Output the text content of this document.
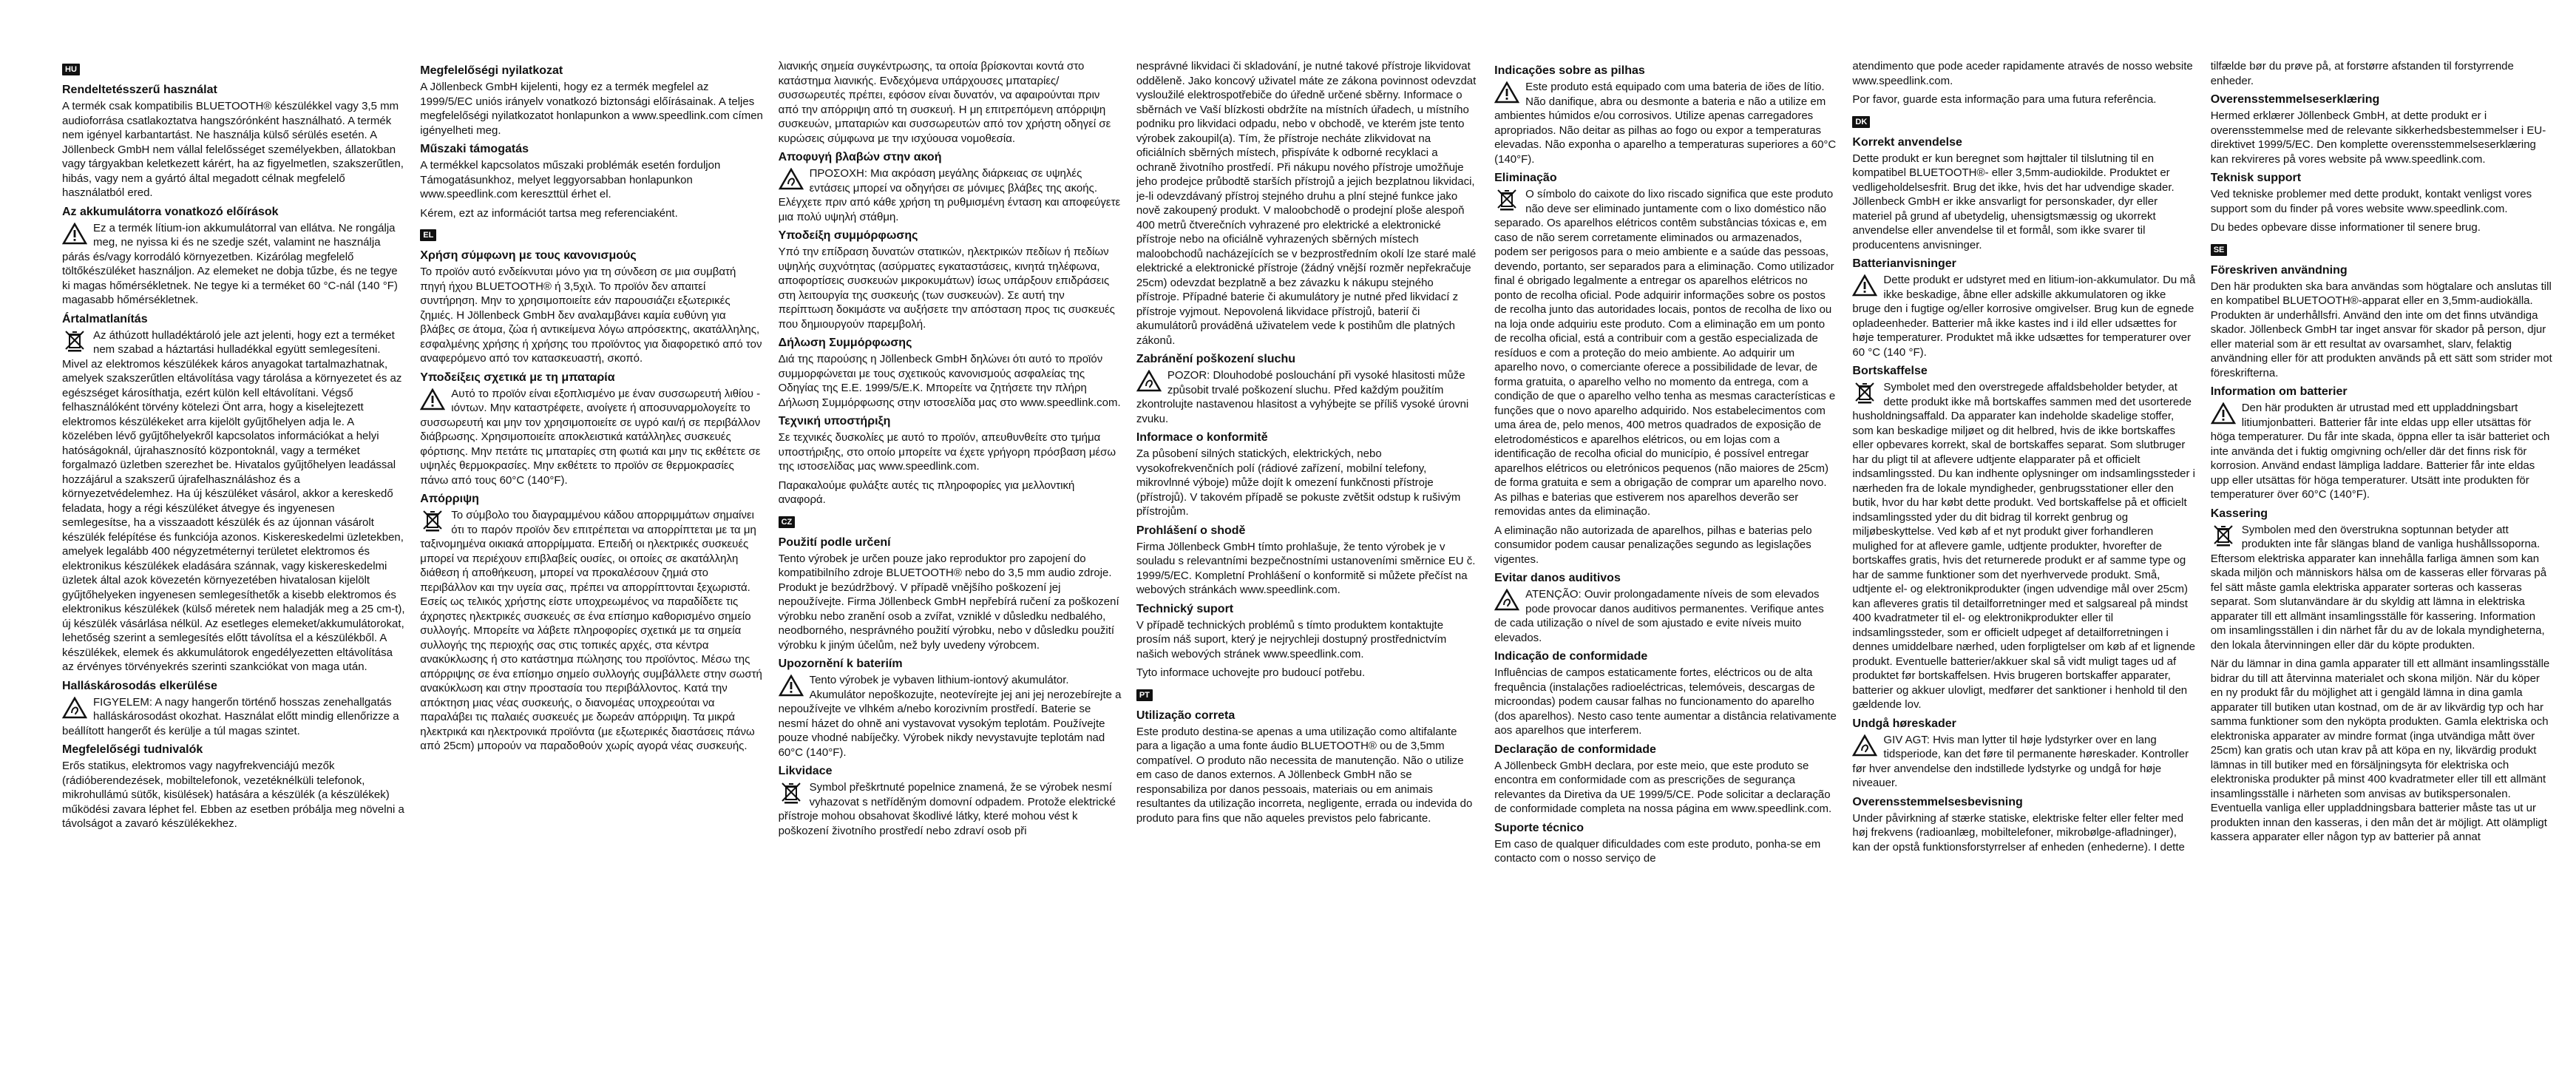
HU
Rendeltetésszerű használat

A termék csak kompatibilis BLUETOOTH® készülékkel vagy 3,5 mm audioforrása csatlakoztatva hangszórónként használható. A termék nem igényel karbantartást. Ne használja külső sérülés esetén. A Jöllenbeck GmbH nem vállal felelősséget személyekben, állatokban vagy tárgyakban keletkezett kárért, ha az figyelmetlen, szakszerűtlen, hibás, vagy nem a gyártó által megadott célnak megfelelő használatból ered.

Az akkumulátorra vonatkozó előírások
Ez a termék lítium-ion akkumulátorral van ellátva. Ne rongálja meg, ne nyissa ki és ne szedje szét, valamint ne használja párás és/vagy korrodáló környezetben. Kizárólag megfelelő töltőkészüléket használjon. Az elemeket ne dobja tűzbe, és ne tegye ki magas hőmérsékletnek. Ne tegye ki a terméket 60 °C-nál (140 °F) magasabb hőmérsékletnek.
Ártalmatlanítás
Az áthúzott hulladéktároló jele azt jelenti, hogy ezt a terméket nem szabad a háztartási hulladékkal együtt semlegesíteni. Mivel az elektromos készülékek káros anyagokat tartalmazhatnak, amelyek szakszerűtlen eltávolítása vagy tárolása a környezetet és az egészséget károsíthatja, ezért külön kell eltávolítani. Végső felhasználóként törvény kötelezi Önt arra, hogy a kiselejtezett elektromos készülékeket arra kijelölt gyűjtőhelyen adja le. A közelében lévő gyűjtőhelyekről kapcsolatos információkat a helyi hatóságoknál, újrahasznosító központoknál, vagy a terméket forgalmazó üzletben szerezhet be. Hivatalos gyűjtőhelyen leadással hozzájárul a szakszerű újrafelhasználáshoz és a környezetvédelemhez. Ha új készüléket vásárol, akkor a kereskedő feladata, hogy a régi készüléket átvegye és ingyenesen semlegesítse, ha a visszaadott készülék és az újonnan vásárolt készülék felépítése és funkciója azonos. Kiskereskedelmi üzletekben, amelyek legalább 400 négyzetméternyi területet elektromos és elektronikus készülékek eladására szánnak, vagy kiskereskedelmi üzletek által azok kövezetén környezetében hivatalosan kijelölt gyűjtőhelyeken ingyenesen semlegesíthetők a kisebb elektromos és elektronikus készülékek (külső méretek nem haladják meg a 25 cm-t), új készülék vásárlása nélkül. Az esetleges elemeket/akkumulátorokat, lehetőség szerint a semlegesítés előtt távolítsa el a készülékből. A készülékek, elemek és akkumulátorok engedélyezetten eltávolítása az érvényes törvényekrés szerinti szankciókat von maga után.
Halláskárosodás elkerülése
FIGYELEM: A nagy hangerőn történő hosszas zenehallgatás halláskárosodást okozhat. Használat előtt mindig ellenőrizze a beállított hangerőt és kerülje a túl magas szintet.
Megfelelőségi tudnivalók

Erős statikus, elektromos vagy nagyfrekvenciájú mezők (rádióberendezések, mobiltelefonok, vezetéknélküli telefonok, mikrohullámú sütők, kisülések) hatására a készülék (a készülékek) működési zavara léphet fel. Ebben az esetben próbálja meg növelni a távolságot a zavaró készülékekhez.

Megfelelőségi nyilatkozat

A Jöllenbeck GmbH kijelenti, hogy ez a termék megfelel az 1999/5/EC uniós irányelv vonatkozó biztonsági előírásainak. A teljes megfelelőségi nyilatkozatot honlapunkon a www.speedlink.com címen igényelheti meg.

Műszaki támogatás

A termékkel kapcsolatos műszaki problémák esetén forduljon Támogatásunkhoz, melyet leggyorsabban honlapunkon www.speedlink.com kereszttül érhet el.

Kérem, ezt az információt tartsa meg referenciaként.

EL
Χρήση σύμφωνη με τους κανονισμούς

Το προϊόν αυτό ενδείκνυται μόνο για τη σύνδεση σε μια συμβατή πηγή ήχου BLUETOOTH® ή 3,5χιλ. Το προϊόν δεν απαιτεί συντήρηση. Μην το χρησιμοποιείτε εάν παρουσιάζει εξωτερικές ζημιές. Η Jöllenbeck GmbH δεν αναλαμβάνει καμία ευθύνη για βλάβες σε άτομα, ζώα ή αντικείμενα λόγω απρόσεκτης, ακατάλληλης, εσφαλμένης χρήσης ή χρήσης του προϊόντος για διαφορετικό από τον αναφερόμενο από τον κατασκευαστή, σκοπό.

Υποδείξεις σχετικά με τη μπαταρία
Αυτό το προϊόν είναι εξοπλισμένο με έναν συσσωρευτή λιθίου - ιόντων. Μην καταστρέφετε, ανοίγετε ή αποσυναρμολογείτε το συσσωρευτή και μην τον χρησιμοποιείτε σε υγρό και/ή σε περιβάλλον διάβρωσης. Χρησιμοποιείτε αποκλειστικά κατάλληλες συσκευές φόρτισης. Μην πετάτε τις μπαταρίες στη φωτιά και μην τις εκθέτετε σε υψηλές θερμοκρασίες. Μην εκθέτετε το προϊόν σε θερμοκρασίες πάνω από τους 60°C (140°F).
Απόρριψη
Το σύμβολο του διαγραμμένου κάδου απορριμμάτων σημαίνει ότι το παρόν προϊόν δεν επιτρέπεται να απορρίπτεται με τα μη ταξινομημένα οικιακά απορρίμματα. Επειδή οι ηλεκτρικές συσκευές μπορεί να περιέχουν επιβλαβείς ουσίες, οι οποίες σε ακατάλληλη διάθεση ή αποθήκευση, μπορεί να προκαλέσουν ζημιά στο περιβάλλον και την υγεία σας, πρέπει να απορρίπτονται ξεχωριστά. Εσείς ως τελικός χρήστης είστε υποχρεωμένος να παραδίδετε τις άχρηστες ηλεκτρικές συσκευές σε ένα επίσημο καθορισμένο σημείο συλλογής. Μπορείτε να λάβετε πληροφορίες σχετικά με τα σημεία συλλογής της περιοχής σας στις τοπικές αρχές, στα κέντρα ανακύκλωσης ή στο κατάστημα πώλησης του προϊόντος. Μέσω της απόρριψης σε ένα επίσημο σημείο συλλογής συμβάλλετε στην σωστή ανακύκλωση και στην προστασία του περιβάλλοντος. Κατά την απόκτηση μιας νέας συσκευής, ο διανομέας υποχρεούται να παραλάβει τις παλαιές συσκευές με δωρεάν απόρριψη. Τα μικρά ηλεκτρικά και ηλεκτρονικά προϊόντα (με εξωτερικές διαστάσεις πάνω από 25cm) μπορούν να παραδοθούν χωρίς αγορά νέας συσκευής.

λιανικής σημεία συγκέντρωσης, τα οποία βρίσκονται κοντά στο κατάστημα λιανικής. Ενδεχόμενα υπάρχουσες μπαταρίες/συσσωρευτές πρέπει, εφόσον είναι δυνατόν, να αφαιρούνται πριν από την απόρριψη από τη συσκευή. Η μη επιτρεπόμενη απόρριψη συσκευών, μπαταριών και συσσωρευτών από τον χρήστη οδηγεί σε κυρώσεις σύμφωνα με την ισχύουσα νομοθεσία.

Αποφυγή βλαβών στην ακοή
ΠΡΟΣΟΧΗ: Μια ακρόαση μεγάλης διάρκειας σε υψηλές εντάσεις μπορεί να οδηγήσει σε μόνιμες βλάβες της ακοής. Ελέγχετε πριν από κάθε χρήση τη ρυθμισμένη ένταση και αποφεύγετε μια πολύ υψηλή στάθμη.
Υποδείξη συμμόρφωσης

Υπό την επίδραση δυνατών στατικών, ηλεκτρικών πεδίων ή πεδίων υψηλής συχνότητας (ασύρματες εγκαταστάσεις, κινητά τηλέφωνα, αποφορτίσεις συσκευών μικροκυμάτων) ίσως υπάρξουν επιδράσεις στη λειτουργία της συσκευής (των συσκευών). Σε αυτή την περίπτωση δοκιμάστε να αυξήσετε την απόσταση προς τις συσκευές που δημιουργούν παρεμβολή.

Δήλωση Συμμόρφωσης

Διά της παρούσης η Jöllenbeck GmbH δηλώνει ότι αυτό το προϊόν συμμορφώνεται με τους σχετικούς κανονισμούς ασφαλείας της Οδηγίας της Ε.Ε. 1999/5/Ε.Κ. Μπορείτε να ζητήσετε την πλήρη Δήλωση Συμμόρφωσης στην ιστοσελίδα μας στο www.speedlink.com.

Τεχνική υποστήριξη

Σε τεχνικές δυσκολίες με αυτό το προϊόν, απευθυνθείτε στο τμήμα υποστήριξης, στο οποίο μπορείτε να έχετε γρήγορη πρόσβαση μέσω της ιστοσελίδας μας www.speedlink.com.

Παρακαλούμε φυλάξτε αυτές τις πληροφορίες για μελλοντική αναφορά.

CZ
Použití podle určení

Tento výrobek je určen pouze jako reproduktor pro zapojení do kompatibilního zdroje BLUETOOTH® nebo do 3,5 mm audio zdroje. Produkt je bezúdržbový. V případě vnějšího poškození jej nepoužívejte. Firma Jöllenbeck GmbH nepřebírá ručení za poškození výrobku nebo zranění osob a zvířat, vzniklé v důsledku nedbalého, neodborného, nesprávného použití výrobku, nebo v důsledku použití výrobku k jiným účelům, než byly uvedeny výrobcem.

Upozornění k bateriím
Tento výrobek je vybaven lithium-iontový akumulátor. Akumulátor nepoškozujte, neotevírejte jej ani jej nerozebírejte a nepoužívejte ve vlhkém a/nebo korozivním prostředí. Baterie se nesmí házet do ohně ani vystavovat vysokým teplotám. Používejte pouze vhodné nabíječky. Výrobek nikdy nevystavujte teplotám nad 60°C (140°F).
Likvidace
Symbol přeškrtnuté popelnice znamená, že se výrobek nesmí vyhazovat s netříděným domovní odpadem. Protože elektrické přístroje mohou obsahovat škodlivé látky, které mohou vést k poškození životního prostředí nebo zdraví osob při

nesprávné likvidaci či skladování, je nutné takové přístroje likvidovat odděleně. Jako koncový uživatel máte ze zákona povinnost odevzdat vysloužilé elektrospotřebiče do úředně určené sběrny. Informace o sběrnách ve Vaší blízkosti obdržíte na místních úřadech, u místního podniku pro likvidaci odpadu, nebo v obchodě, ve kterém jste tento výrobek zakoupil(a). Tím, že přístroje necháte zlikvidovat na oficiálních sběrných místech, přispíváte k odborné recyklaci a ochraně životního prostředí. Při nákupu nového přístroje umožňuje jeho prodejce průbodtě starších přístrojů a jejich bezplatnou likvidaci, je-li odevzdávaný přístroj stejného druhu a plní stejné funkce jako nově zakoupený produkt. V maloobchodě o prodejní ploše alespoň 400 metrů čtverečních vyhrazené pro elektrické a elektronické přístroje nebo na oficiálně vyhrazených sběrných místech maloobchodů nacházejících se v bezprostředním okolí lze staré malé elektrické a elektronické přístroje (žádný vnější rozměr nepřekračuje 25cm) odevzdat bezplatně a bez závazku k nákupu stejného přístroje. Případné baterie či akumulátory je nutné před likvidací z přístroje vyjmout. Nepovolená likvidace přístrojů, baterií či akumulátorů prováděná uživatelem vede k postihům dle platných zákonů.

Zabránění poškození sluchu
POZOR: Dlouhodobé poslouchání při vysoké hlasitosti může způsobit trvalé poškození sluchu. Před každým použitím zkontrolujte nastavenou hlasitost a vyhýbejte se příliš vysoké úrovni zvuku.
Informace o konformitě

Za působení silných statických, elektrických, nebo vysokofrekvenčních polí (rádiové zařízení, mobilní telefony, mikrovlnné výboje) může dojít k omezení funkčnosti přístroje (přístrojů). V takovém případě se pokuste zvětšit odstup k rušivým přístrojům.

Prohlášení o shodě

Firma Jöllenbeck GmbH tímto prohlašuje, že tento výrobek je v souladu s relevantními bezpečnostními ustanoveními směrnice EU č. 1999/5/EC. Kompletní Prohlášení o konformitě si můžete přečíst na webových stránkách www.speedlink.com.

Technický suport

V případě technických problémů s tímto produktem kontaktujte prosím náš suport, který je nejrychleji dostupný prostřednictvím našich webových stránek www.speedlink.com.

Tyto informace uchovejte pro budoucí potřebu.

PT
Utilização correta

Este produto destina-se apenas a uma utilização como altifalante para a ligação a uma fonte áudio BLUETOOTH® ou de 3,5mm compatível. O produto não necessita de manutenção. Não o utilize em caso de danos externos. A Jöllenbeck GmbH não se responsabiliza por danos pessoais, materiais ou em animais resultantes da utilização incorreta, negligente, errada ou indevida do produto para fins que não aqueles previstos pelo fabricante.

Indicações sobre as pilhas
Este produto está equipado com uma bateria de iões de lítio. Não danifique, abra ou desmonte a bateria e não a utilize em ambientes húmidos e/ou corrosivos. Utilize apenas carregadores apropriados. Não deitar as pilhas ao fogo ou expor a temperaturas elevadas. Não exponha o aparelho a temperaturas superiores a 60°C (140°F).
Eliminação
O símbolo do caixote do lixo riscado significa que este produto não deve ser eliminado juntamente com o lixo doméstico não separado. Os aparelhos elétricos contêm substâncias tóxicas e, em caso de não serem corretamente eliminados ou armazenados, podem ser perigosos para o meio ambiente e a saúde das pessoas, devendo, portanto, ser separados para a eliminação. Como utilizador final é obrigado legalmente a entregar os aparelhos elétricos no ponto de recolha oficial. Pode adquirir informações sobre os postos de recolha junto das autoridades locais, pontos de recolha de lixo ou na loja onde adquiriu este produto. Com a eliminação em um ponto de recolha oficial, está a contribuir com a gestão especializada de resíduos e com a proteção do meio ambiente. Ao adquirir um aparelho novo, o comerciante oferece a possibilidade de levar, de forma gratuita, o aparelho velho no momento da entrega, com a condição de que o aparelho velho tenha as mesmas características e funções que o novo aparelho adquirido. Nos estabelecimentos com uma área de, pelo menos, 400 metros quadrados de exposição de eletrodomésticos e aparelhos elétricos, ou em lojas com a identificação de recolha oficial do município, é possível entregar aparelhos elétricos ou eletrónicos pequenos (não maiores de 25cm) de forma gratuita e sem a obrigação de comprar um aparelho novo. As pilhas e baterias que estiverem nos aparelhos deverão ser removidas antes da eliminação.

A eliminação não autorizada de aparelhos, pilhas e baterias pelo consumidor podem causar penalizações segundo as legislações vigentes.

Evitar danos auditivos
ATENÇÃO: Ouvir prolongadamente níveis de som elevados pode provocar danos auditivos permanentes. Verifique antes de cada utilização o nível de som ajustado e evite níveis muito elevados.
Indicação de conformidade

Influências de campos estaticamente fortes, eléctricos ou de alta frequência (instalações radioeléctricas, telemóveis, descargas de microondas) podem causar falhas no funcionamento do aparelho (dos aparelhos). Nesto caso tente aumentar a distância relativamente aos aparelhos que interferem.

Declaração de conformidade

A Jöllenbeck GmbH declara, por este meio, que este produto se encontra em conformidade com as prescrições de segurança relevantes da Diretiva da UE 1999/5/CE. Pode solicitar a declaração de conformidade completa na nossa página em www.speedlink.com.

Suporte técnico

Em caso de qualquer dificuldades com este produto, ponha-se em contacto com o nosso serviço de

atendimento que pode aceder rapidamente através de nosso website www.speedlink.com.

Por favor, guarde esta informação para uma futura referência.

DK
Korrekt anvendelse

Dette produkt er kun beregnet som højttaler til tilslutning til en kompatibel BLUETOOTH®- eller 3,5mm-audiokilde. Produktet er vedligeholdelsesfrit. Brug det ikke, hvis det har udvendige skader. Jöllenbeck GmbH er ikke ansvarligt for personskader, dyr eller materiel på grund af ubetydelig, uhensigtsmæssig og ukorrekt anvendelse eller anvendelse til et formål, som ikke svarer til producentens anvisninger.

Batterianvisninger
Dette produkt er udstyret med en litium-ion-akkumulator. Du må ikke beskadige, åbne eller adskille akkumulatoren og ikke bruge den i fugtige og/eller korrosive omgivelser. Brug kun de egnede opladeenheder. Batterier må ikke kastes ind i ild eller udsættes for høje temperaturer. Produktet må ikke udsættes for temperaturer over 60 °C (140 °F).
Bortskaffelse
Symbolet med den overstregede affaldsbeholder betyder, at dette produkt ikke må bortskaffes sammen med det usorterede husholdningsaffald. Da apparater kan indeholde skadelige stoffer, som kan beskadige miljøet og dit helbred, hvis de ikke bortskaffes eller opbevares korrekt, skal de bortskaffes separat. Som slutbruger har du pligt til at aflevere udtjente elapparater på et officielt indsamlingssted. Du kan indhente oplysninger om indsamlingssteder i nærheden fra de lokale myndigheder, genbrugsstationer eller den butik, hvor du har købt dette produkt. Ved bortskaffelse på et officielt indsamlingssted yder du dit bidrag til korrekt genbrug og miljøbeskyttelse. Ved køb af et nyt produkt giver forhandleren mulighed for at aflevere gamle, udtjente produkter, hvorefter de bortskaffes gratis, hvis det returnerede produkt er af samme type og har de samme funktioner som det nyerhvervede produkt. Små, udtjente el- og elektronikprodukter (ingen udvendige mål over 25cm) kan afleveres gratis til detailforretninger med et salgsareal på mindst 400 kvadratmeter til el- og elektronikprodukter eller til indsamlingssteder, som er officielt udpeget af detailforretningen i dennes umiddelbare nærhed, uden forpligtelser om køb af et lignende produkt. Eventuelle batterier/akkuer skal så vidt muligt tages ud af produktet før bortskaffelsen. Hvis brugeren bortskaffer apparater, batterier og akkuer ulovligt, medfører det sanktioner i henhold til den gældende lov.
Undgå høreskader
GIV AGT: Hvis man lytter til høje lydstyrker over en lang tidsperiode, kan det føre til permanente høreskader. Kontroller før hver anvendelse den indstillede lydstyrke og undgå for høje niveauer.
Overensstemmelsesbevisning

Under påvirkning af stærke statiske, elektriske felter eller felter med høj frekvens (radioanlæg, mobiltelefoner, mikrobølge-afladninger), kan der opstå funktionsforstyrrelser af enheden (enhederne). I dette

tilfælde bør du prøve på, at forstørre afstanden til forstyrrende enheder.

Overensstemmelseserklæring

Hermed erklærer Jöllenbeck GmbH, at dette produkt er i overensstemmelse med de relevante sikkerhedsbestemmelser i EU-direktivet 1999/5/EC. Den komplette overensstemmelseserklæring kan rekvireres på vores website på www.speedlink.com.

Teknisk support

Ved tekniske problemer med dette produkt, kontakt venligst vores support som du finder på vores website www.speedlink.com.

Du bedes opbevare disse informationer til senere brug.

SE
Föreskriven användning

Den här produkten ska bara användas som högtalare och anslutas till en kompatibel BLUETOOTH®-apparat eller en 3,5mm-audiokälla. Produkten är underhållsfri. Använd den inte om det finns utvändiga skador. Jöllenbeck GmbH tar inget ansvar för skador på person, djur eller material som är ett resultat av ovarsamhet, slarv, felaktig användning eller för att produkten används på ett sätt som strider mot föreskrifterna.

Information om batterier
Den här produkten är utrustad med ett uppladdningsbart litiumjonbatteri. Batterier får inte eldas upp eller utsättas för höga temperaturer. Du får inte skada, öppna eller ta isär batteriet och inte använda det i fuktig omgivning och/eller där det finns risk för korrosion. Använd endast lämpliga laddare. Batterier får inte eldas upp eller utsättas för höga temperaturer. Utsätt inte produkten för temperaturer över 60°C (140°F).
Kassering
Symbolen med den överstrukna soptunnan betyder att produkten inte får slängas bland de vanliga hushållssoporna. Eftersom elektriska apparater kan innehålla farliga ämnen som kan skada miljön och människors hälsa om de kasseras eller förvaras på fel sätt måste gamla elektriska apparater sorteras och kasseras separat. Som slutanvändare är du skyldig att lämna in elektriska apparater till ett allmänt insamlingsställe för kassering. Information om insamlingsställen i din närhet får du av de lokala myndigheterna, den lokala återvinningen eller där du köpte produkten.

När du lämnar in dina gamla apparater till ett allmänt insamlingsställe bidrar du till att återvinna materialet och skona miljön. När du köper en ny produkt får du möjlighet att i gengäld lämna in dina gamla apparater till butiken utan kostnad, om de är av likvärdig typ och har samma funktioner som den nyköpta produkten. Gamla elektriska och elektroniska apparater av mindre format (inga utvändiga mått över 25cm) kan gratis och utan krav på att köpa en ny, likvärdig produkt lämnas in till butiker med en försäljningsyta för elektriska och elektroniska produkter på minst 400 kvadratmeter eller till ett allmänt insamlingsställe i närheten som anvisas av butikspersonalen. Eventuella vanliga eller uppladdningsbara batterier måste tas ut ur produkten innan den kasseras, i den mån det är möjligt. Att olämpligt kassera apparater eller någon typ av batterier på annat
